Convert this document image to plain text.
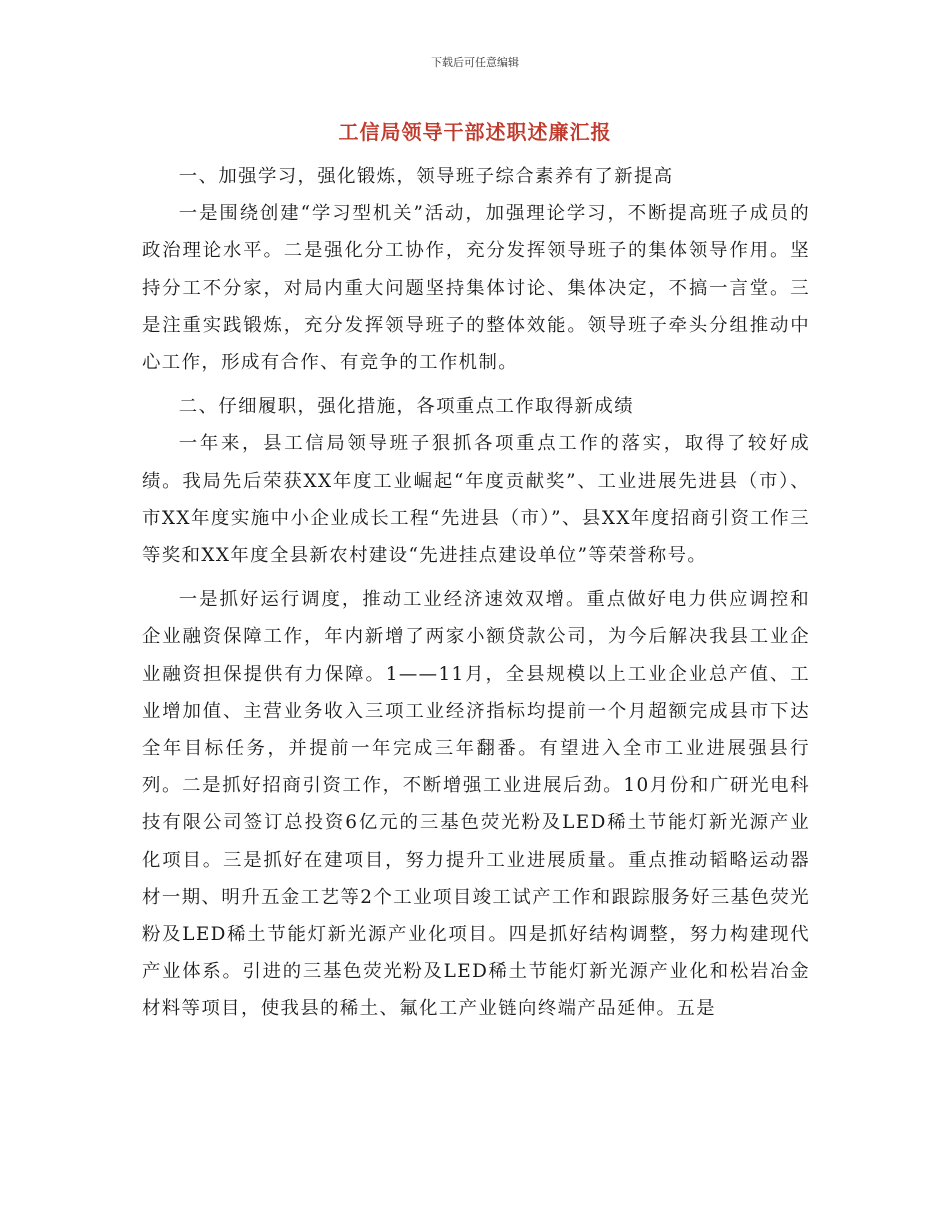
下载后可任意编辑
工信局领导干部述职述廉汇报

一、加强学习，强化锻炼，领导班子综合素养有了新提高

一是围绕创建“学习型机关”活动，加强理论学习，不断提高班子成员的政治理论水平。二是强化分工协作，充分发挥领导班子的集体领导作用。坚持分工不分家，对局内重大问题坚持集体讨论、集体决定，不搞一言堂。三是注重实践锻炼，充分发挥领导班子的整体效能。领导班子牵头分组推动中心工作，形成有合作、有竞争的工作机制。

二、仔细履职，强化措施，各项重点工作取得新成绩

一年来，县工信局领导班子狠抓各项重点工作的落实，取得了较好成绩。我局先后荣获XX年度工业崛起“年度贡献奖”、工业进展先进县（市）、市XX年度实施中小企业成长工程“先进县（市）”、县XX年度招商引资工作三等奖和XX年度全县新农村建设“先进挂点建设单位”等荣誉称号。

一是抓好运行调度，推动工业经济速效双增。重点做好电力供应调控和企业融资保障工作，年内新增了两家小额贷款公司，为今后解决我县工业企业融资担保提供有力保障。1——11月，全县规模以上工业企业总产值、工业增加值、主营业务收入三项工业经济指标均提前一个月超额完成县市下达全年目标任务，并提前一年完成三年翻番。有望进入全市工业进展强县行列。二是抓好招商引资工作，不断增强工业进展后劲。10月份和广研光电科技有限公司签订总投资6亿元的三基色荧光粉及LED稀土节能灯新光源产业化项目。三是抓好在建项目，努力提升工业进展质量。重点推动韬略运动器材一期、明升五金工艺等2个工业项目竣工试产工作和跟踪服务好三基色荧光粉及LED稀土节能灯新光源产业化项目。四是抓好结构调整，努力构建现代产业体系。引进的三基色荧光粉及LED稀土节能灯新光源产业化和松岩冶金材料等项目，使我县的稀土、氟化工产业链向终端产品延伸。五是
